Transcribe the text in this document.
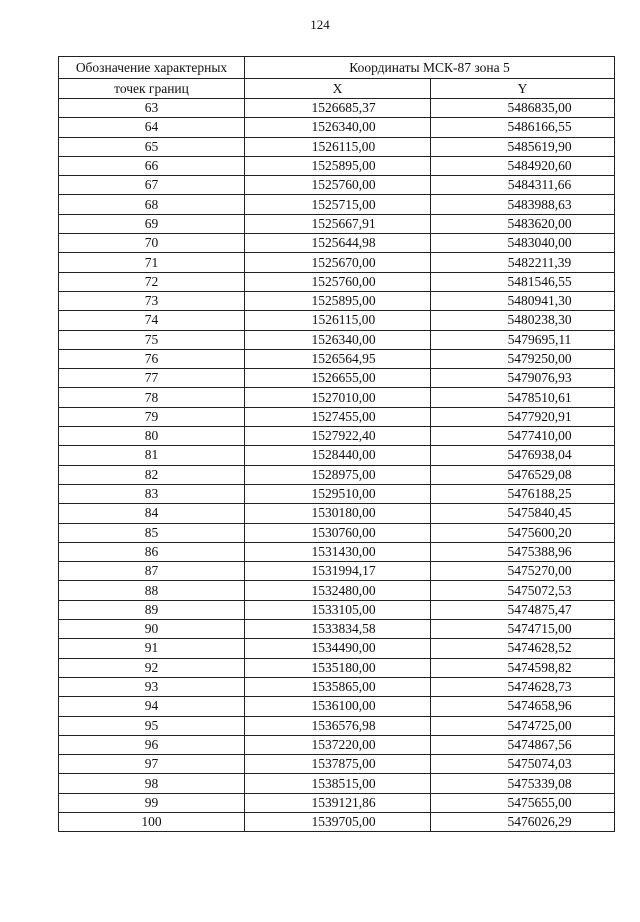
124
Обозначение характерных	Координаты МСК-87 зона 5	
точек границ	X	Y
63	1526685,37	5486835,00
64	1526340,00	5486166,55
65	1526115,00	5485619,90
66	1525895,00	5484920,60
67	1525760,00	5484311,66
68	1525715,00	5483988,63
69	1525667,91	5483620,00
70	1525644,98	5483040,00
71	1525670,00	5482211,39
72	1525760,00	5481546,55
73	1525895,00	5480941,30
74	1526115,00	5480238,30
75	1526340,00	5479695,11
76	1526564,95	5479250,00
77	1526655,00	5479076,93
78	1527010,00	5478510,61
79	1527455,00	5477920,91
80	1527922,40	5477410,00
81	1528440,00	5476938,04
82	1528975,00	5476529,08
83	1529510,00	5476188,25
84	1530180,00	5475840,45
85	1530760,00	5475600,20
86	1531430,00	5475388,96
87	1531994,17	5475270,00
88	1532480,00	5475072,53
89	1533105,00	5474875,47
90	1533834,58	5474715,00
91	1534490,00	5474628,52
92	1535180,00	5474598,82
93	1535865,00	5474628,73
94	1536100,00	5474658,96
95	1536576,98	5474725,00
96	1537220,00	5474867,56
97	1537875,00	5475074,03
98	1538515,00	5475339,08
99	1539121,86	5475655,00
100	1539705,00	5476026,29
